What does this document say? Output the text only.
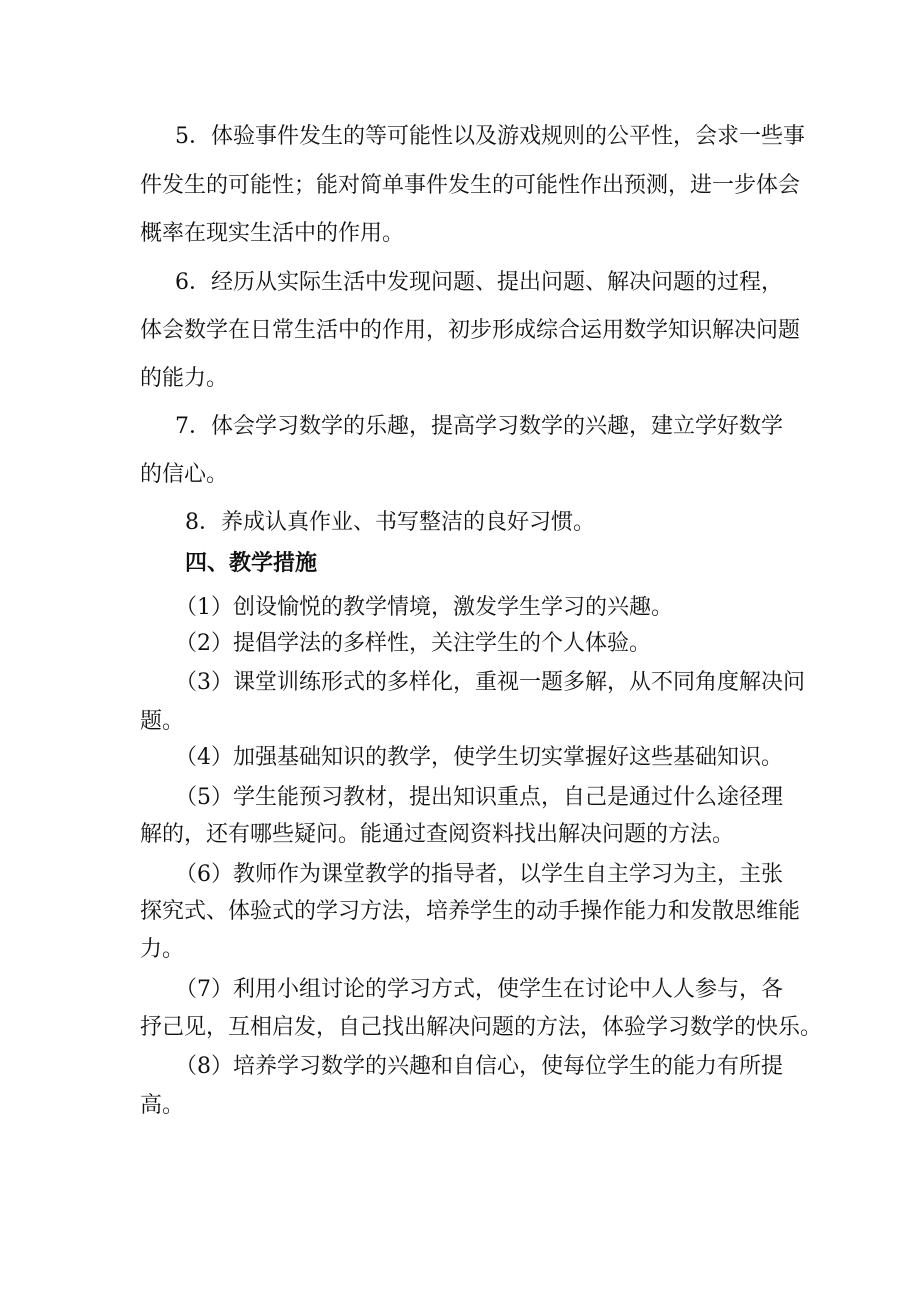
5．体验事件发生的等可能性以及游戏规则的公平性，会求一些事

件发生的可能性；能对简单事件发生的可能性作出预测，进一步体会

概率在现实生活中的作用。

6．经历从实际生活中发现问题、提出问题、解决问题的过程，

体会数学在日常生活中的作用，初步形成综合运用数学知识解决问题

的能力。

7．体会学习数学的乐趣，提高学习数学的兴趣，建立学好数学

的信心。

8．养成认真作业、书写整洁的良好习惯。

四、教学措施

（1）创设愉悦的教学情境，激发学生学习的兴趣。

（2）提倡学法的多样性，关注学生的个人体验。

（3）课堂训练形式的多样化，重视一题多解，从不同角度解决问

题。

（4）加强基础知识的教学，使学生切实掌握好这些基础知识。

（5）学生能预习教材，提出知识重点，自己是通过什么途径理

解的，还有哪些疑问。能通过查阅资料找出解决问题的方法。

（6）教师作为课堂教学的指导者，以学生自主学习为主，主张

探究式、体验式的学习方法，培养学生的动手操作能力和发散思维能

力。

（7）利用小组讨论的学习方式，使学生在讨论中人人参与，各

抒己见，互相启发，自己找出解决问题的方法，体验学习数学的快乐。

（8）培养学习数学的兴趣和自信心，使每位学生的能力有所提

高。
